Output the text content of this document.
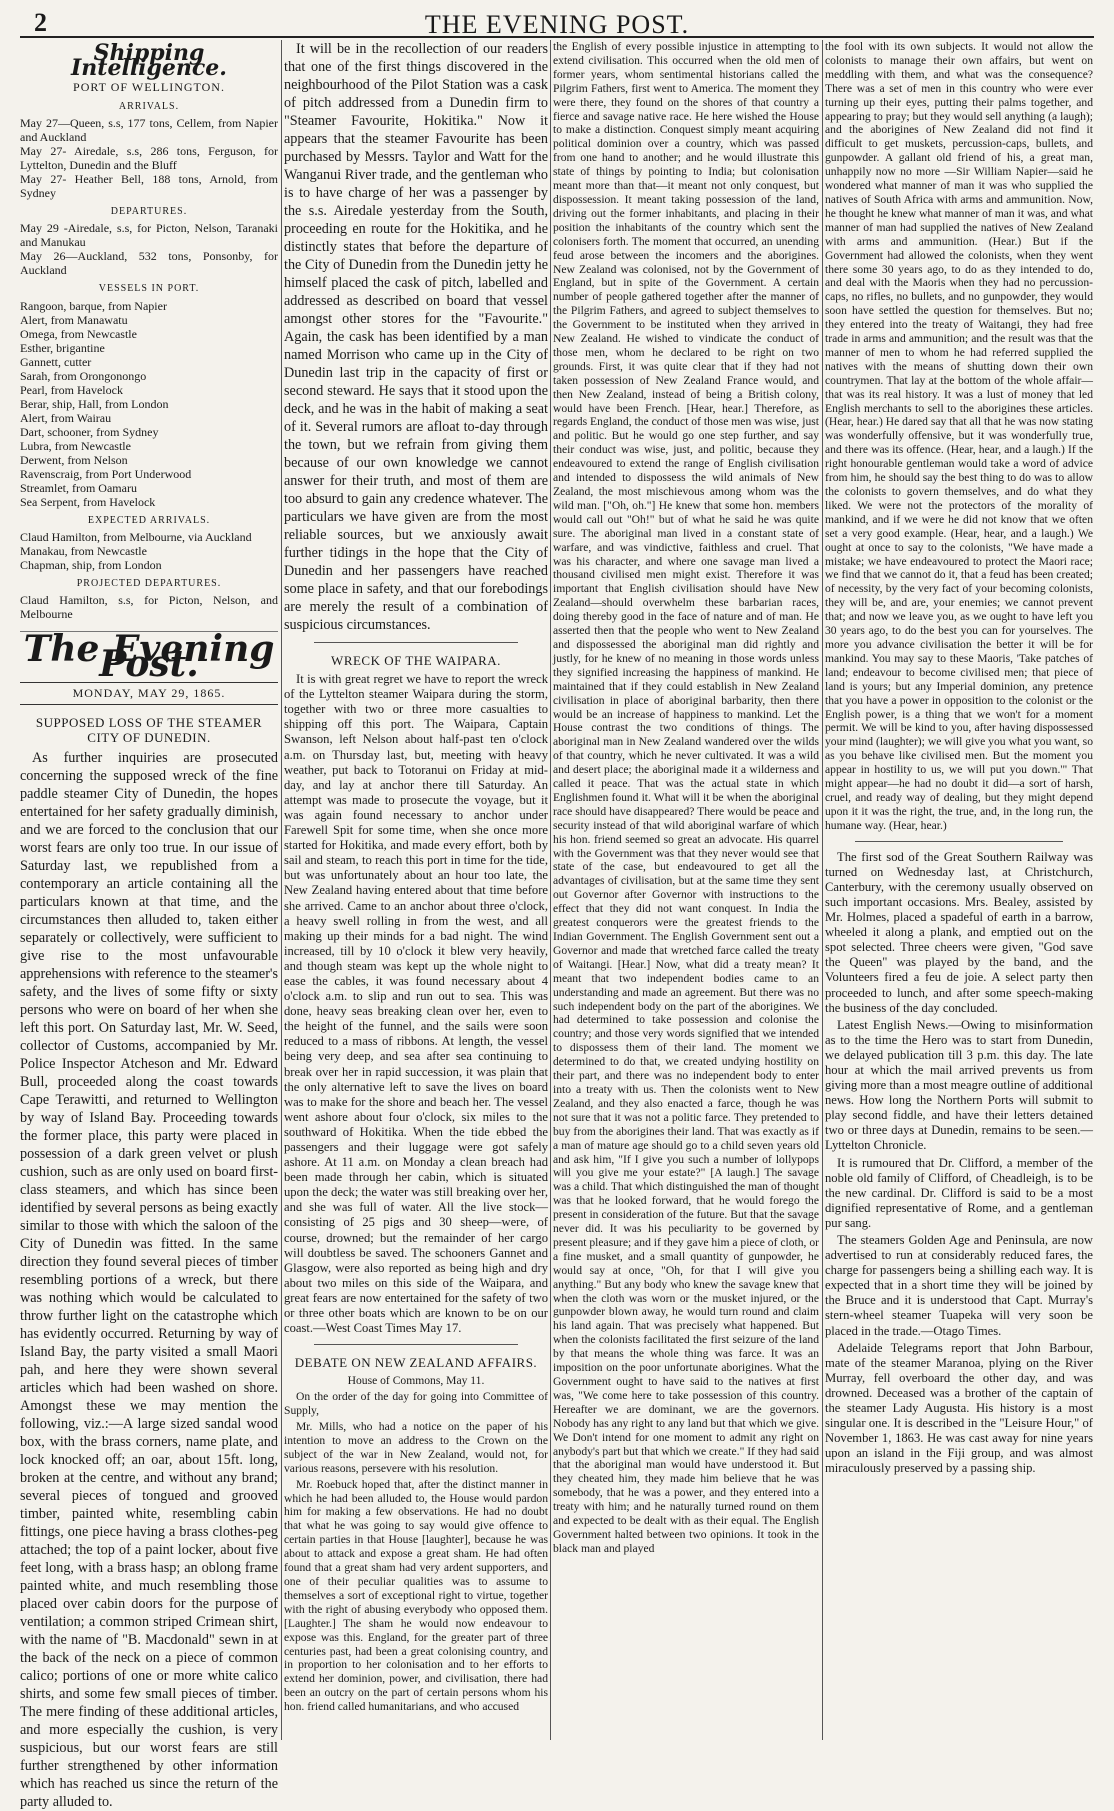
2	THE EVENING POST.
Shipping Intelligence.
PORT OF WELLINGTON.
ARRIVALS.
May 27—Queen, s.s, 177 tons, Cellem, from Napier and Auckland
May 27- Airedale, s.s, 286 tons, Ferguson, for Lyttelton, Dunedin and the Bluff
May 27- Heather Bell, 188 tons, Arnold, from Sydney
DEPARTURES.
May 29 -Airedale, s.s, for Picton, Nelson, Taranaki and Manukau
May 26—Auckland, 532 tons, Ponsonby, for Auckland
VESSELS IN PORT.
Rangoon, barque, from Napier
Alert, from Manawatu
Omega, from Newcastle
Esther, brigantine
Gannett, cutter
Sarah, from Orongonongo
Pearl, from Havelock
Berar, ship, Hall, from London
Alert, from Wairau
Dart, schooner, from Sydney
Lubra, from Newcastle
Derwent, from Nelson
Ravenscraig, from Port Underwood
Streamlet, from Oamaru
Sea Serpent, from Havelock
EXPECTED ARRIVALS.
Claud Hamilton, from Melbourne, via Auckland
Manakau, from Newcastle
Chapman, ship, from London
PROJECTED DEPARTURES.
Claud Hamilton, s.s, for Picton, Nelson, and Melbourne
The Evening Post.
MONDAY, MAY 29, 1865.
SUPPOSED LOSS OF THE STEAMER CITY OF DUNEDIN.

As further inquiries are prosecuted concerning the supposed wreck of the fine paddle steamer City of Dunedin, the hopes entertained for her safety gradually diminish, and we are forced to the conclusion that our worst fears are only too true. In our issue of Saturday last, we republished from a contemporary an article containing all the particulars known at that time, and the circumstances then alluded to, taken either separately or collectively, were sufficient to give rise to the most unfavourable apprehensions with reference to the steamer's safety, and the lives of some fifty or sixty persons who were on board of her when she left this port. On Saturday last, Mr. W. Seed, collector of Customs, accompanied by Mr. Police Inspector Atcheson and Mr. Edward Bull, proceeded along the coast towards Cape Terawitti, and returned to Wellington by way of Island Bay. Proceeding towards the former place, this party were placed in possession of a dark green velvet or plush cushion, such as are only used on board first-class steamers, and which has since been identified by several persons as being exactly similar to those with which the saloon of the City of Dunedin was fitted. In the same direction they found several pieces of timber resembling portions of a wreck, but there was nothing which would be calculated to throw further light on the catastrophe which has evidently occurred. Returning by way of Island Bay, the party visited a small Maori pah, and here they were shown several articles which had been washed on shore. Amongst these we may mention the following, viz.:—A large sized sandal wood box, with the brass corners, name plate, and lock knocked off; an oar, about 15ft. long, broken at the centre, and without any brand; several pieces of tongued and grooved timber, painted white, resembling cabin fittings, one piece having a brass clothes-peg attached; the top of a paint locker, about five feet long, with a brass hasp; an oblong frame painted white, and much resembling those placed over cabin doors for the purpose of ventilation; a common striped Crimean shirt, with the name of "B. Macdonald" sewn in at the back of the neck on a piece of common calico; portions of one or more white calico shirts, and some few small pieces of timber. The mere finding of these additional articles, and more especially the cushion, is very suspicious, but our worst fears are still further strengthened by other information which has reached us since the return of the party alluded to.

It will be in the recollection of our readers that one of the first things discovered in the neighbourhood of the Pilot Station was a cask of pitch addressed from a Dunedin firm to "Steamer Favourite, Hokitika." Now it appears that the steamer Favourite has been purchased by Messrs. Taylor and Watt for the Wanganui River trade, and the gentleman who is to have charge of her was a passenger by the s.s. Airedale yesterday from the South, proceeding en route for the Hokitika, and he distinctly states that before the departure of the City of Dunedin from the Dunedin jetty he himself placed the cask of pitch, labelled and addressed as described on board that vessel amongst other stores for the "Favourite." Again, the cask has been identified by a man named Morrison who came up in the City of Dunedin last trip in the capacity of first or second steward. He says that it stood upon the deck, and he was in the habit of making a seat of it. Several rumors are afloat to-day through the town, but we refrain from giving them because of our own knowledge we cannot answer for their truth, and most of them are too absurd to gain any credence whatever. The particulars we have given are from the most reliable sources, but we anxiously await further tidings in the hope that the City of Dunedin and her passengers have reached some place in safety, and that our forebodings are merely the result of a combination of suspicious circumstances.

WRECK OF THE WAIPARA.

It is with great regret we have to report the wreck of the Lyttelton steamer Waipara during the storm, together with two or three more casualties to shipping off this port. The Waipara, Captain Swanson, left Nelson about half-past ten o'clock a.m. on Thursday last, but, meeting with heavy weather, put back to Totoranui on Friday at mid-day, and lay at anchor there till Saturday. An attempt was made to prosecute the voyage, but it was again found necessary to anchor under Farewell Spit for some time, when she once more started for Hokitika, and made every effort, both by sail and steam, to reach this port in time for the tide, but was unfortunately about an hour too late, the New Zealand having entered about that time before she arrived. Came to an anchor about three o'clock, a heavy swell rolling in from the west, and all making up their minds for a bad night. The wind increased, till by 10 o'clock it blew very heavily, and though steam was kept up the whole night to ease the cables, it was found necessary about 4 o'clock a.m. to slip and run out to sea. This was done, heavy seas breaking clean over her, even to the height of the funnel, and the sails were soon reduced to a mass of ribbons. At length, the vessel being very deep, and sea after sea continuing to break over her in rapid succession, it was plain that the only alternative left to save the lives on board was to make for the shore and beach her. The vessel went ashore about four o'clock, six miles to the southward of Hokitika. When the tide ebbed the passengers and their luggage were got safely ashore. At 11 a.m. on Monday a clean breach had been made through her cabin, which is situated upon the deck; the water was still breaking over her, and she was full of water. All the live stock—consisting of 25 pigs and 30 sheep—were, of course, drowned; but the remainder of her cargo will doubtless be saved. The schooners Gannet and Glasgow, were also reported as being high and dry about two miles on this side of the Waipara, and great fears are now entertained for the safety of two or three other boats which are known to be on our coast.—West Coast Times May 17.

DEBATE ON NEW ZEALAND AFFAIRS.

House of Commons, May 11.

On the order of the day for going into Committee of Supply,

Mr. Mills, who had a notice on the paper of his intention to move an address to the Crown on the subject of the war in New Zealand, would not, for various reasons, persevere with his resolution.

Mr. Roebuck hoped that, after the distinct manner in which he had been alluded to, the House would pardon him for making a few observations. He had no doubt that what he was going to say would give offence to certain parties in that House [laughter], because he was about to attack and expose a great sham. He had often found that a great sham had very ardent supporters, and one of their peculiar qualities was to assume to themselves a sort of exceptional right to virtue, together with the right of abusing everybody who opposed them. [Laughter.] The sham he would now endeavour to expose was this. England, for the greater part of three centuries past, had been a great colonising country, and in proportion to her colonisation and to her efforts to extend her dominion, power, and civilisation, there had been an outcry on the part of certain persons whom his hon. friend called humanitarians, and who accused

the English of every possible injustice in attempting to extend civilisation. This occurred when the old men of former years, whom sentimental historians called the Pilgrim Fathers, first went to America. The moment they were there, they found on the shores of that country a fierce and savage native race. He here wished the House to make a distinction. Conquest simply meant acquiring political dominion over a country, which was passed from one hand to another; and he would illustrate this state of things by pointing to India; but colonisation meant more than that—it meant not only conquest, but dispossession. It meant taking possession of the land, driving out the former inhabitants, and placing in their position the inhabitants of the country which sent the colonisers forth. The moment that occurred, an unending feud arose between the incomers and the aborigines. New Zealand was colonised, not by the Government of England, but in spite of the Government. A certain number of people gathered together after the manner of the Pilgrim Fathers, and agreed to subject themselves to the Government to be instituted when they arrived in New Zealand. He wished to vindicate the conduct of those men, whom he declared to be right on two grounds. First, it was quite clear that if they had not taken possession of New Zealand France would, and then New Zealand, instead of being a British colony, would have been French. [Hear, hear.] Therefore, as regards England, the conduct of those men was wise, just and politic. But he would go one step further, and say their conduct was wise, just, and politic, because they endeavoured to extend the range of English civilisation and intended to dispossess the wild animals of New Zealand, the most mischievous among whom was the wild man. ["Oh, oh."] He knew that some hon. members would call out "Oh!" but of what he said he was quite sure. The aboriginal man lived in a constant state of warfare, and was vindictive, faithless and cruel. That was his character, and where one savage man lived a thousand civilised men might exist. Therefore it was important that English civilisation should have New Zealand—should overwhelm these barbarian races, doing thereby good in the face of nature and of man. He asserted then that the people who went to New Zealand and dispossessed the aboriginal man did rightly and justly, for he knew of no meaning in those words unless they signified increasing the happiness of mankind. He maintained that if they could establish in New Zealand civilisation in place of aboriginal barbarity, then there would be an increase of happiness to mankind. Let the House contrast the two conditions of things. The aboriginal man in New Zealand wandered over the wilds of that country, which he never cultivated. It was a wild and desert place; the aboriginal made it a wilderness and called it peace. That was the actual state in which Englishmen found it. What will it be when the aboriginal race should have disappeared? There would be peace and security instead of that wild aboriginal warfare of which his hon. friend seemed so great an advocate. His quarrel with the Government was that they never would see that state of the case, but endeavoured to get all the advantages of civilisation, but at the same time they sent out Governor after Governor with instructions to the effect that they did not want conquest. In India the greatest conquerors were the greatest friends to the Indian Government. The English Government sent out a Governor and made that wretched farce called the treaty of Waitangi. [Hear.] Now, what did a treaty mean? It meant that two independent bodies came to an understanding and made an agreement. But there was no such independent body on the part of the aborigines. We had determined to take possession and colonise the country; and those very words signified that we intended to dispossess them of their land. The moment we determined to do that, we created undying hostility on their part, and there was no independent body to enter into a treaty with us. Then the colonists went to New Zealand, and they also enacted a farce, though he was not sure that it was not a politic farce. They pretended to buy from the aborigines their land. That was exactly as if a man of mature age should go to a child seven years old and ask him, "If I give you such a number of lollypops will you give me your estate?" [A laugh.] The savage was a child. That which distinguished the man of thought was that he looked forward, that he would forego the present in consideration of the future. But that the savage never did. It was his peculiarity to be governed by present pleasure; and if they gave him a piece of cloth, or a fine musket, and a small quantity of gunpowder, he would say at once, "Oh, for that I will give you anything." But any body who knew the savage knew that when the cloth was worn or the musket injured, or the gunpowder blown away, he would turn round and claim his land again. That was precisely what happened. But when the colonists facilitated the first seizure of the land by that means the whole thing was farce. It was an imposition on the poor unfortunate aborigines. What the Government ought to have said to the natives at first was, "We come here to take possession of this country. Hereafter we are dominant, we are the governors. Nobody has any right to any land but that which we give. We Don't intend for one moment to admit any right on anybody's part but that which we create." If they had said that the aboriginal man would have understood it. But they cheated him, they made him believe that he was somebody, that he was a power, and they entered into a treaty with him; and he naturally turned round on them and expected to be dealt with as their equal. The English Government halted between two opinions. It took in the black man and played

the fool with its own subjects. It would not allow the colonists to manage their own affairs, but went on meddling with them, and what was the consequence? There was a set of men in this country who were ever turning up their eyes, putting their palms together, and appearing to pray; but they would sell anything (a laugh); and the aborigines of New Zealand did not find it difficult to get muskets, percussion-caps, bullets, and gunpowder. A gallant old friend of his, a great man, unhappily now no more —Sir William Napier—said he wondered what manner of man it was who supplied the natives of South Africa with arms and ammunition. Now, he thought he knew what manner of man it was, and what manner of man had supplied the natives of New Zealand with arms and ammunition. (Hear.) But if the Government had allowed the colonists, when they went there some 30 years ago, to do as they intended to do, and deal with the Maoris when they had no percussion-caps, no rifles, no bullets, and no gunpowder, they would soon have settled the question for themselves. But no; they entered into the treaty of Waitangi, they had free trade in arms and ammunition; and the result was that the manner of men to whom he had referred supplied the natives with the means of shutting down their own countrymen. That lay at the bottom of the whole affair—that was its real history. It was a lust of money that led English merchants to sell to the aborigines these articles. (Hear, hear.) He dared say that all that he was now stating was wonderfully offensive, but it was wonderfully true, and there was its offence. (Hear, hear, and a laugh.) If the right honourable gentleman would take a word of advice from him, he should say the best thing to do was to allow the colonists to govern themselves, and do what they liked. We were not the protectors of the morality of mankind, and if we were he did not know that we often set a very good example. (Hear, hear, and a laugh.) We ought at once to say to the colonists, "We have made a mistake; we have endeavoured to protect the Maori race; we find that we cannot do it, that a feud has been created; of necessity, by the very fact of your becoming colonists, they will be, and are, your enemies; we cannot prevent that; and now we leave you, as we ought to have left you 30 years ago, to do the best you can for yourselves. The more you advance civilisation the better it will be for mankind. You may say to these Maoris, 'Take patches of land; endeavour to become civilised men; that piece of land is yours; but any Imperial dominion, any pretence that you have a power in opposition to the colonist or the English power, is a thing that we won't for a moment permit. We will be kind to you, after having dispossessed your mind (laughter); we will give you what you want, so as you behave like civilised men. But the moment you appear in hostility to us, we will put you down.'" That might appear—he had no doubt it did—a sort of harsh, cruel, and ready way of dealing, but they might depend upon it it was the right, the true, and, in the long run, the humane way. (Hear, hear.)

The first sod of the Great Southern Railway was turned on Wednesday last, at Christchurch, Canterbury, with the ceremony usually observed on such important occasions. Mrs. Bealey, assisted by Mr. Holmes, placed a spadeful of earth in a barrow, wheeled it along a plank, and emptied out on the spot selected. Three cheers were given, "God save the Queen" was played by the band, and the Volunteers fired a feu de joie. A select party then proceeded to lunch, and after some speech-making the business of the day concluded.

Latest English News.—Owing to misinformation as to the time the Hero was to start from Dunedin, we delayed publication till 3 p.m. this day. The late hour at which the mail arrived prevents us from giving more than a most meagre outline of additional news. How long the Northern Ports will submit to play second fiddle, and have their letters detained two or three days at Dunedin, remains to be seen.—Lyttelton Chronicle.

It is rumoured that Dr. Clifford, a member of the noble old family of Clifford, of Cheadleigh, is to be the new cardinal. Dr. Clifford is said to be a most dignified representative of Rome, and a gentleman pur sang.

The steamers Golden Age and Peninsula, are now advertised to run at considerably reduced fares, the charge for passengers being a shilling each way. It is expected that in a short time they will be joined by the Bruce and it is understood that Capt. Murray's stern-wheel steamer Tuapeka will very soon be placed in the trade.—Otago Times.

Adelaide Telegrams report that John Barbour, mate of the steamer Maranoa, plying on the River Murray, fell overboard the other day, and was drowned. Deceased was a brother of the captain of the steamer Lady Augusta. His history is a most singular one. It is described in the "Leisure Hour," of November 1, 1863. He was cast away for nine years upon an island in the Fiji group, and was almost miraculously preserved by a passing ship.
